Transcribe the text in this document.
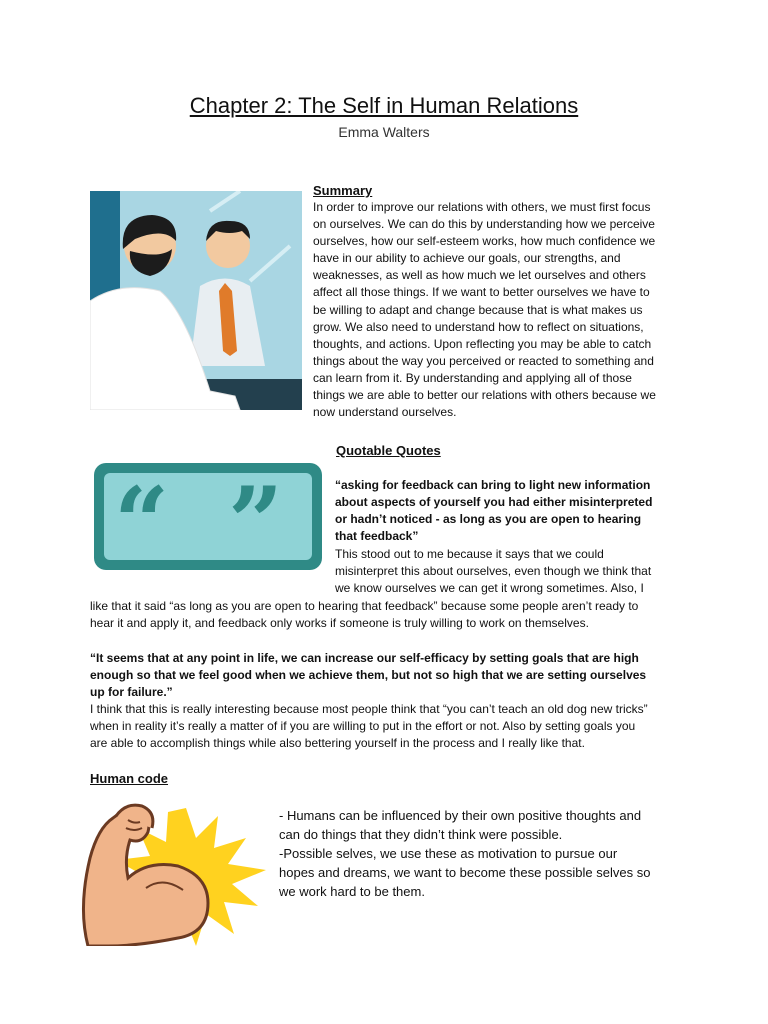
Chapter 2: The Self in Human Relations
Emma Walters
Summary
In order to improve our relations with others, we must first focus
on ourselves. We can do this by understanding how we perceive
ourselves, how our self-esteem works, how much confidence we
have in our ability to achieve our goals, our strengths, and
weaknesses, as well as how much we let ourselves and others
affect all those things. If we want to better ourselves we have to
be willing to adapt and change because that is what makes us
grow. We also need to understand how to reflect on situations,
thoughts, and actions. Upon reflecting you may be able to catch
things about the way you perceived or reacted to something and
can learn from it. By understanding and applying all of those
things we are able to better our relations with others because we
now understand ourselves.
Quotable Quotes
“ ”	“asking for feedback can bring to light new information
about aspects of yourself you had either misinterpreted
or hadn’t noticed - as long as you are open to hearing
that feedback”
This stood out to me because it says that we could
misinterpret this about ourselves, even though we think that
we know ourselves we can get it wrong sometimes. Also, I
like that it said “as long as you are open to hearing that feedback” because some people aren’t ready to
hear it and apply it, and feedback only works if someone is truly willing to work on themselves.
“It seems that at any point in life, we can increase our self-efficacy by setting goals that are high
enough so that we feel good when we achieve them, but not so high that we are setting ourselves
up for failure.”
I think that this is really interesting because most people think that “you can’t teach an old dog new tricks”
when in reality it’s really a matter of if you are willing to put in the effort or not. Also by setting goals you
are able to accomplish things while also bettering yourself in the process and I really like that.
Human code
- Humans can be influenced by their own positive thoughts and
can do things that they didn’t think were possible.
-Possible selves, we use these as motivation to pursue our
hopes and dreams, we want to become these possible selves so
we work hard to be them.
